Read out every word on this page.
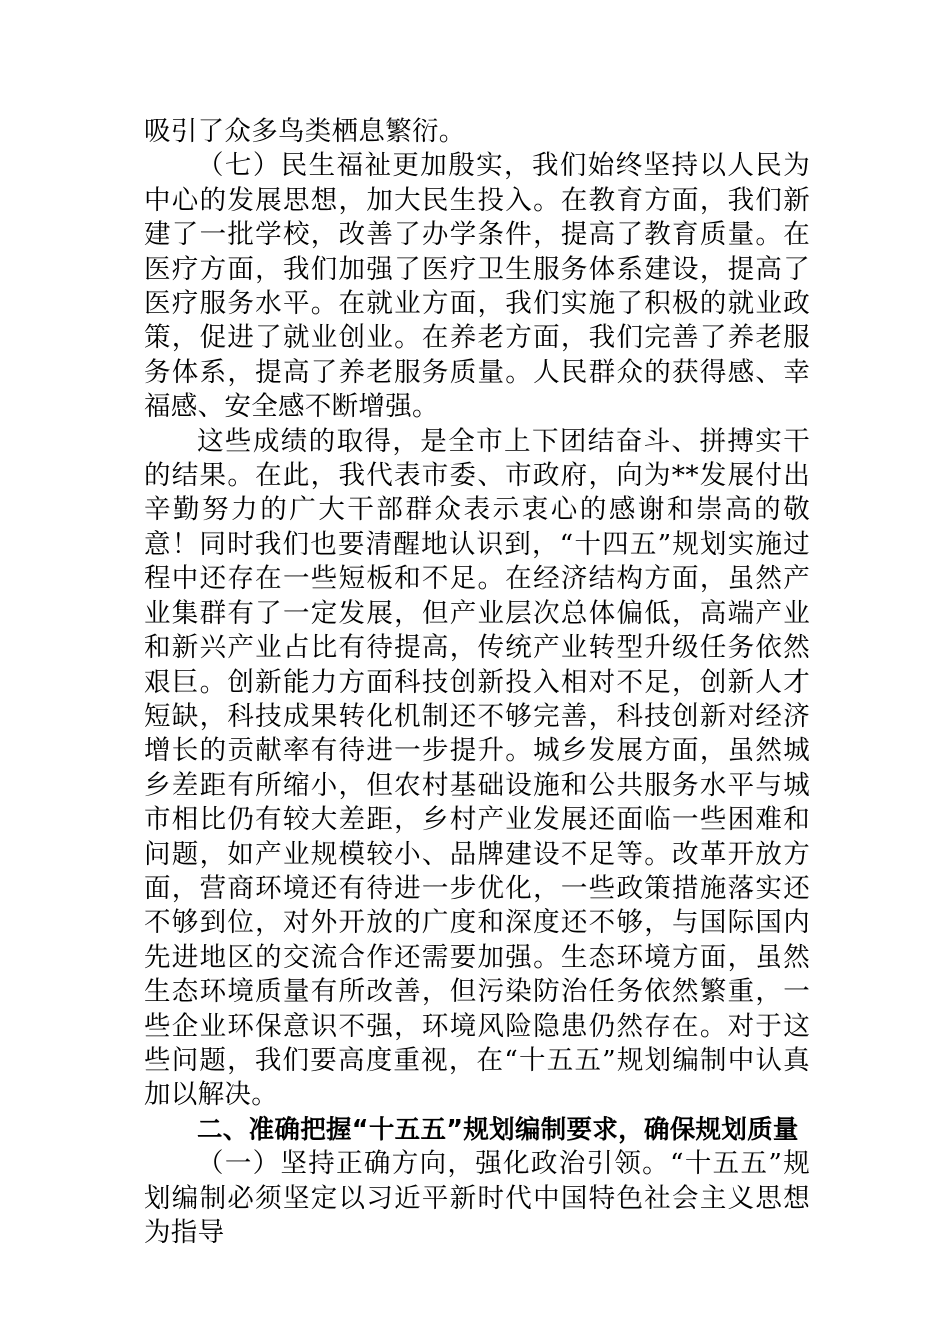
吸引了众多鸟类栖息繁衍。

（七）民生福祉更加殷实，我们始终坚持以人民为中心的发展思想，加大民生投入。在教育方面，我们新建了一批学校，改善了办学条件，提高了教育质量。在医疗方面，我们加强了医疗卫生服务体系建设，提高了医疗服务水平。在就业方面，我们实施了积极的就业政策，促进了就业创业。在养老方面，我们完善了养老服务体系，提高了养老服务质量。人民群众的获得感、幸福感、安全感不断增强。

这些成绩的取得，是全市上下团结奋斗、拼搏实干的结果。在此，我代表市委、市政府，向为**发展付出辛勤努力的广大干部群众表示衷心的感谢和崇高的敬意！同时我们也要清醒地认识到，“十四五”规划实施过程中还存在一些短板和不足。在经济结构方面，虽然产业集群有了一定发展，但产业层次总体偏低，高端产业和新兴产业占比有待提高，传统产业转型升级任务依然艰巨。创新能力方面科技创新投入相对不足，创新人才短缺，科技成果转化机制还不够完善，科技创新对经济增长的贡献率有待进一步提升。城乡发展方面，虽然城乡差距有所缩小，但农村基础设施和公共服务水平与城市相比仍有较大差距，乡村产业发展还面临一些困难和问题，如产业规模较小、品牌建设不足等。改革开放方面，营商环境还有待进一步优化，一些政策措施落实还不够到位，对外开放的广度和深度还不够，与国际国内先进地区的交流合作还需要加强。生态环境方面，虽然生态环境质量有所改善，但污染防治任务依然繁重，一些企业环保意识不强，环境风险隐患仍然存在。对于这些问题，我们要高度重视，在“十五五”规划编制中认真加以解决。

二、准确把握“十五五”规划编制要求，确保规划质量

（一）坚持正确方向，强化政治引领。“十五五”规划编制必须坚定以习近平新时代中国特色社会主义思想为指导
